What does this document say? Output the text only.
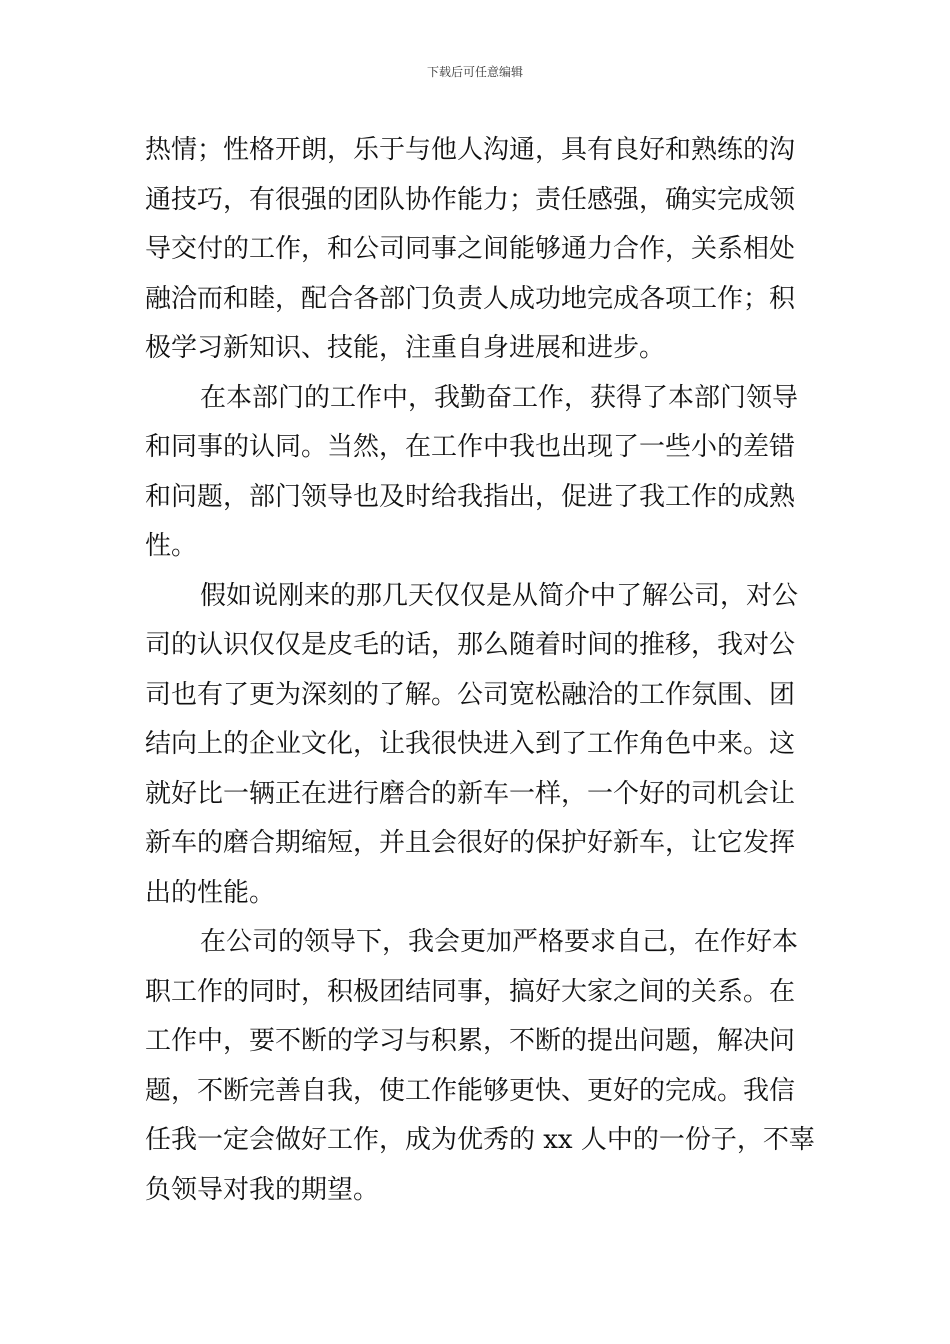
下载后可任意编辑
热情；性格开朗，乐于与他人沟通，具有良好和熟练的沟
通技巧，有很强的团队协作能力；责任感强，确实完成领
导交付的工作，和公司同事之间能够通力合作，关系相处
融洽而和睦，配合各部门负责人成功地完成各项工作；积
极学习新知识、技能，注重自身进展和进步。
在本部门的工作中，我勤奋工作，获得了本部门领导
和同事的认同。当然，在工作中我也出现了一些小的差错
和问题，部门领导也及时给我指出，促进了我工作的成熟
性。
假如说刚来的那几天仅仅是从简介中了解公司，对公
司的认识仅仅是皮毛的话，那么随着时间的推移，我对公
司也有了更为深刻的了解。公司宽松融洽的工作氛围、团
结向上的企业文化，让我很快进入到了工作角色中来。这
就好比一辆正在进行磨合的新车一样，一个好的司机会让
新车的磨合期缩短，并且会很好的保护好新车，让它发挥
出的性能。
在公司的领导下，我会更加严格要求自己，在作好本
职工作的同时，积极团结同事，搞好大家之间的关系。在
工作中，要不断的学习与积累，不断的提出问题，解决问
题，不断完善自我，使工作能够更快、更好的完成。我信
任我一定会做好工作，成为优秀的 xx 人中的一份子，不辜
负领导对我的期望。
